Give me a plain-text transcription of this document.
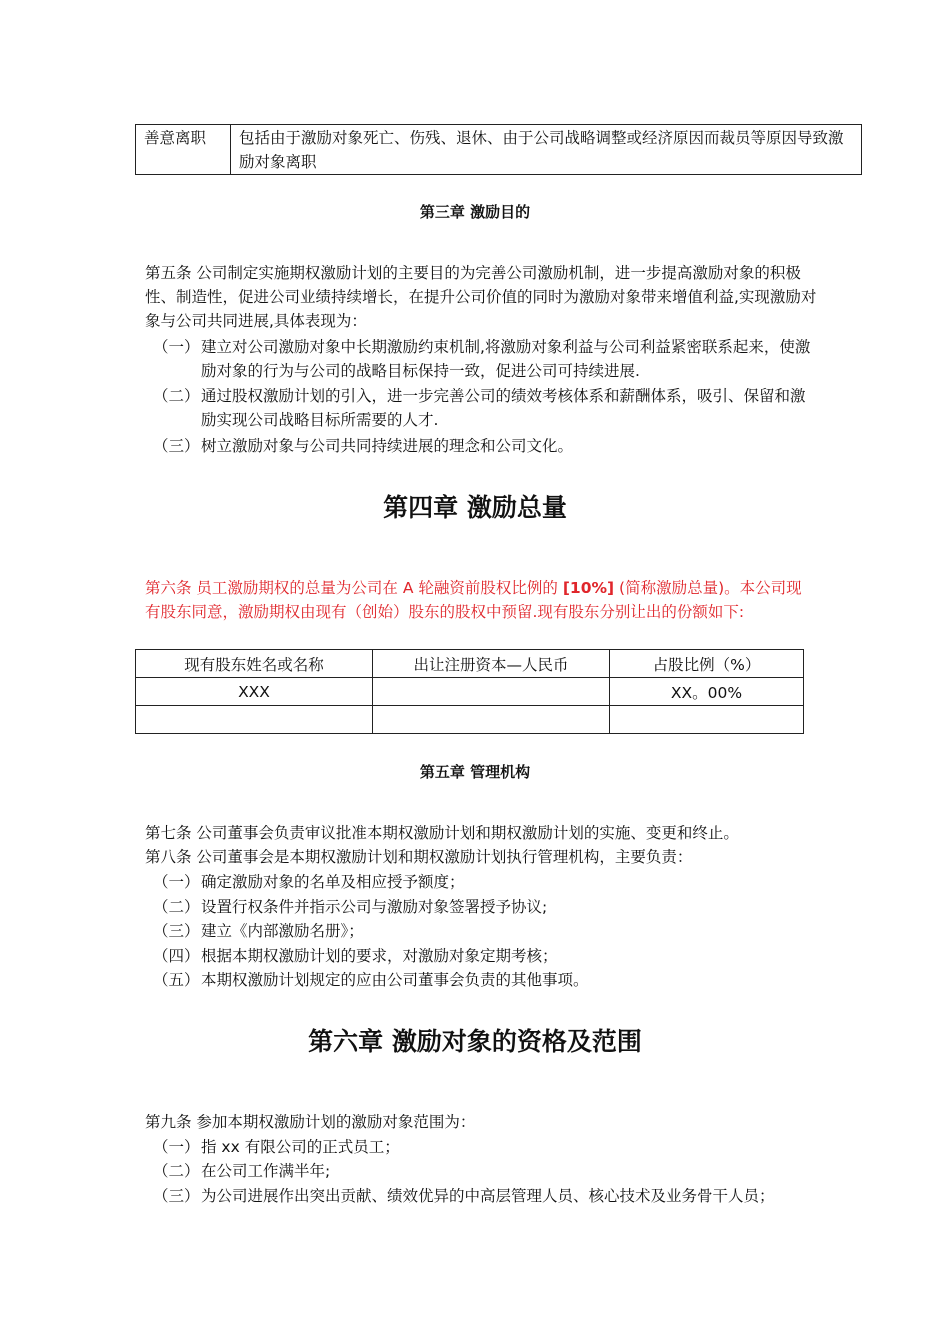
善意离职	包括由于激励对象死亡、伤残、退休、由于公司战略调整或经济原因而裁员等原因导致激励对象离职
第三章 激励目的

第五条 公司制定实施期权激励计划的主要目的为完善公司激励机制，进一步提高激励对象的积极性、制造性，促进公司业绩持续增长，在提升公司价值的同时为激励对象带来增值利益,实现激励对象与公司共同进展,具体表现为：

（一） 建立对公司激励对象中长期激励约束机制,将激励对象利益与公司利益紧密联系起来，使激励对象的行为与公司的战略目标保持一致，促进公司可持续进展.
（二） 通过股权激励计划的引入，进一步完善公司的绩效考核体系和薪酬体系，吸引、保留和激励实现公司战略目标所需要的人才.
（三） 树立激励对象与公司共同持续进展的理念和公司文化。
第四章 激励总量

第六条 员工激励期权的总量为公司在 A 轮融资前股权比例的 [10%] (简称激励总量)。本公司现有股东同意，激励期权由现有（创始）股东的股权中预留.现有股东分别让出的份额如下:

现有股东姓名或名称	出让注册资本—人民币	占股比例（%）
XXX		XX。00%

第五章 管理机构

第七条 公司董事会负责审议批准本期权激励计划和期权激励计划的实施、变更和终止。

第八条 公司董事会是本期权激励计划和期权激励计划执行管理机构，主要负责：

（一） 确定激励对象的名单及相应授予额度；
（二） 设置行权条件并指示公司与激励对象签署授予协议;
（三） 建立《内部激励名册》；
（四） 根据本期权激励计划的要求，对激励对象定期考核；
（五） 本期权激励计划规定的应由公司董事会负责的其他事项。
第六章 激励对象的资格及范围

第九条 参加本期权激励计划的激励对象范围为：

（一） 指 xx 有限公司的正式员工；
（二） 在公司工作满半年;
（三） 为公司进展作出突出贡献、绩效优异的中高层管理人员、核心技术及业务骨干人员；
